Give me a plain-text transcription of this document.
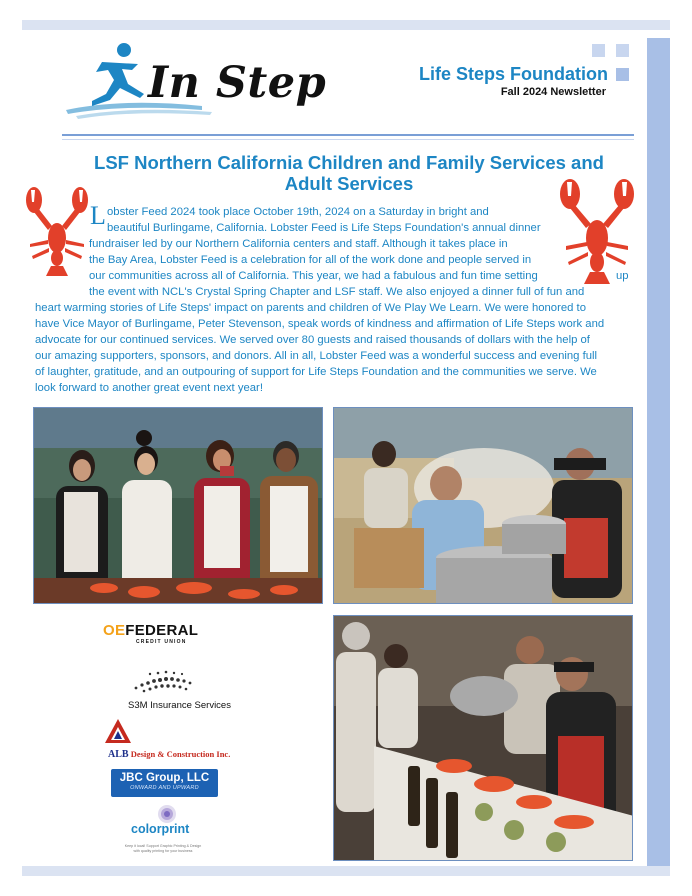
In Step	Life Steps Foundation
Fall 2024 Newsletter
LSF Northern California Children and Family Services and
Adult Services
L obster Feed 2024 took place October 19th, 2024 on a Saturday in bright and
beautiful Burlingame, California. Lobster Feed is Life Steps Foundation's annual dinner
fundraiser led by our Northern California centers and staff. Although it takes place in
the Bay Area, Lobster Feed is a celebration for all of the work done and people served in
our communities across all of California. This year, we had a fabulous and fun time setting	up
the event with NCL's Crystal Spring Chapter and LSF staff. We also enjoyed a dinner full of fun and
heart warming stories of Life Steps' impact on parents and children of We Play We Learn. We were honored to
have Vice Mayor of Burlingame, Peter Stevenson, speak words of kindness and affirmation of Life Steps work and
advocate for our continued services. We served over 80 guests and raised thousands of dollars with the help of
our amazing supporters, sponsors, and donors. All in all, Lobster Feed was a wonderful success and evening full
of laughter, gratitude, and an outpouring of support for Life Steps Foundation and the communities we serve. We
look forward to another great event next year!
OEFEDERAL
CREDIT UNION
S3M Insurance Services
ALB Design & Construction Inc.
JBC Group, LLC
ONWARD AND UPWARD
colorprint
Keep it local! Support Graphic Printing & Design with quality printing for your business
